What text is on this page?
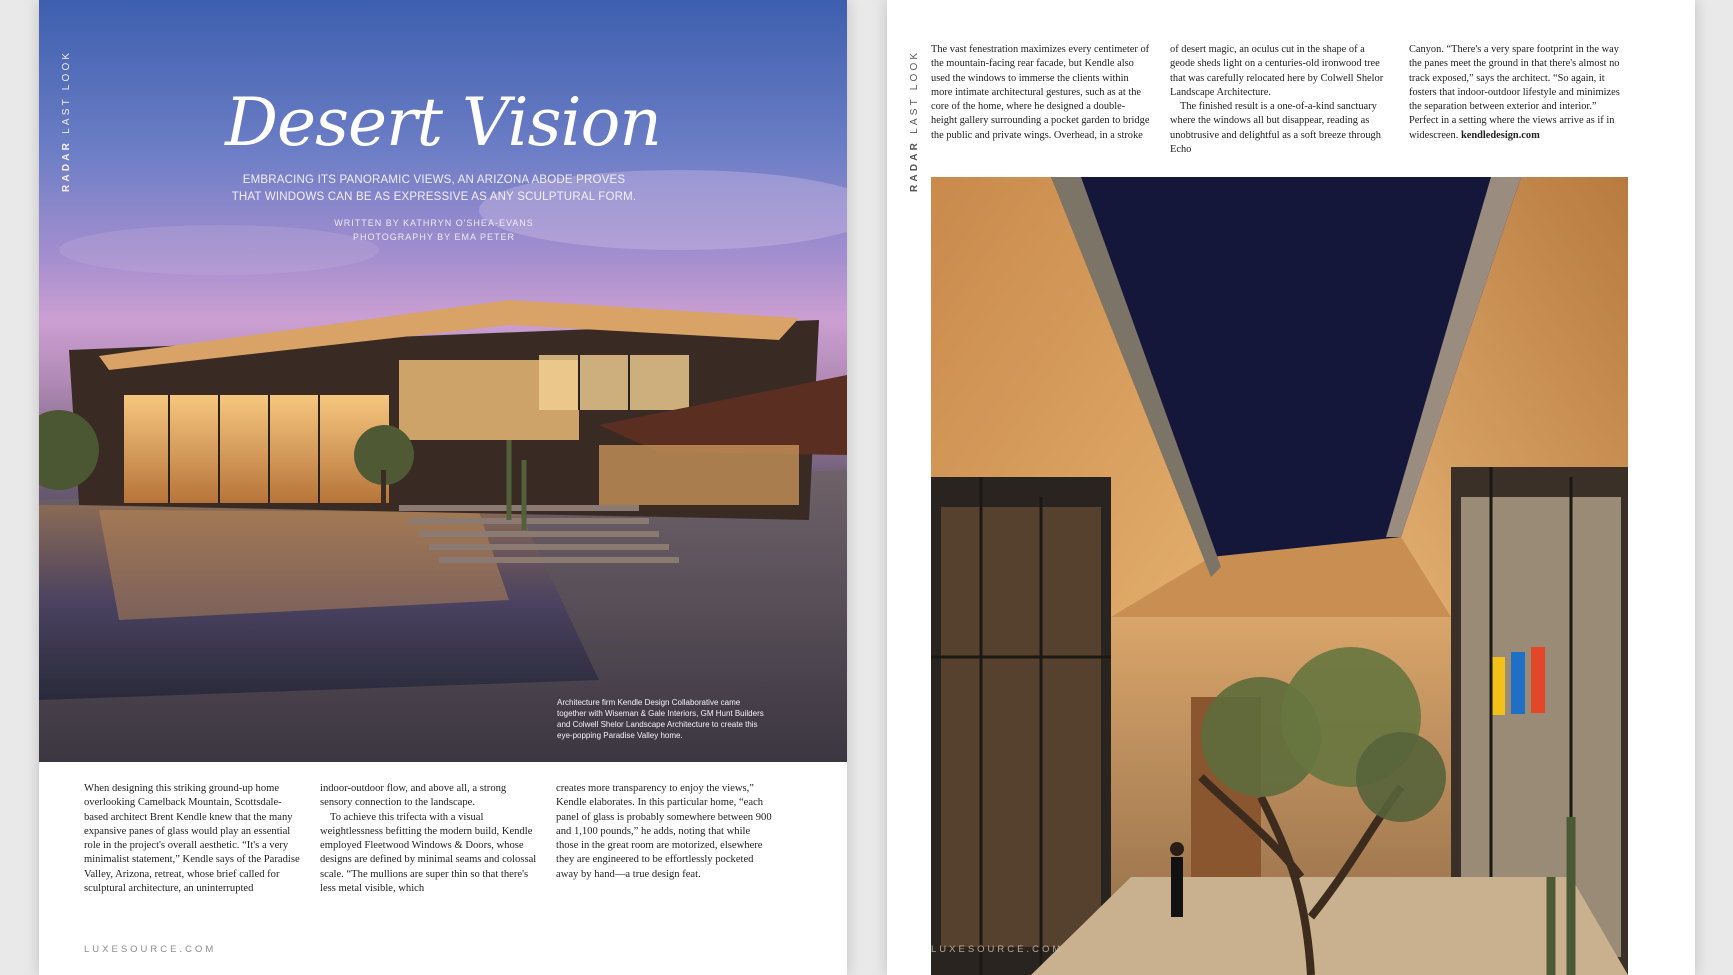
RADAR LAST LOOK	Desert Vision
EMBRACING ITS PANORAMIC VIEWS, AN ARIZONA ABODE PROVES
THAT WINDOWS CAN BE AS EXPRESSIVE AS ANY SCULPTURAL FORM.
WRITTEN BY KATHRYN O'SHEA-EVANS
PHOTOGRAPHY BY EMA PETER
Architecture firm Kendle Design Collaborative came together with Wiseman & Gale Interiors, GM Hunt Builders and Colwell Shelor Landscape Architecture to create this eye-popping Paradise Valley home.

When designing this striking ground-up home overlooking Camelback Mountain, Scottsdale-based architect Brent Kendle knew that the many expansive panes of glass would play an essential role in the project's overall aesthetic. “It's a very minimalist statement,” Kendle says of the Paradise Valley, Arizona, retreat, whose brief called for sculptural architecture, an uninterrupted

indoor-outdoor flow, and above all, a strong sensory connection to the landscape.

To achieve this trifecta with a visual weightlessness befitting the modern build, Kendle employed Fleetwood Windows & Doors, whose designs are defined by minimal seams and colossal scale. “The mullions are super thin so that there's less metal visible, which

creates more transparency to enjoy the views,” Kendle elaborates. In this particular home, “each panel of glass is probably somewhere between 900 and 1,100 pounds,” he adds, noting that while those in the great room are motorized, elsewhere they are engineered to be effortlessly pocketed away by hand—a true design feat.

LUXESOURCE.COM
RADAR LAST LOOK

The vast fenestration maximizes every centimeter of the mountain-facing rear facade, but Kendle also used the windows to immerse the clients within more intimate architectural gestures, such as at the core of the home, where he designed a double-height gallery surrounding a pocket garden to bridge the public and private wings. Overhead, in a stroke

of desert magic, an oculus cut in the shape of a geode sheds light on a centuries-old ironwood tree that was carefully relocated here by Colwell Shelor Landscape Architecture.

The finished result is a one-of-a-kind sanctuary where the windows all but disappear, reading as unobtrusive and delightful as a soft breeze through Echo

Canyon. “There's a very spare footprint in the way the panes meet the ground in that there's almost no track exposed,” says the architect. “So again, it fosters that indoor-outdoor lifestyle and minimizes the separation between exterior and interior.” Perfect in a setting where the views arrive as if in widescreen. kendledesign.com

LUXESOURCE.COM
